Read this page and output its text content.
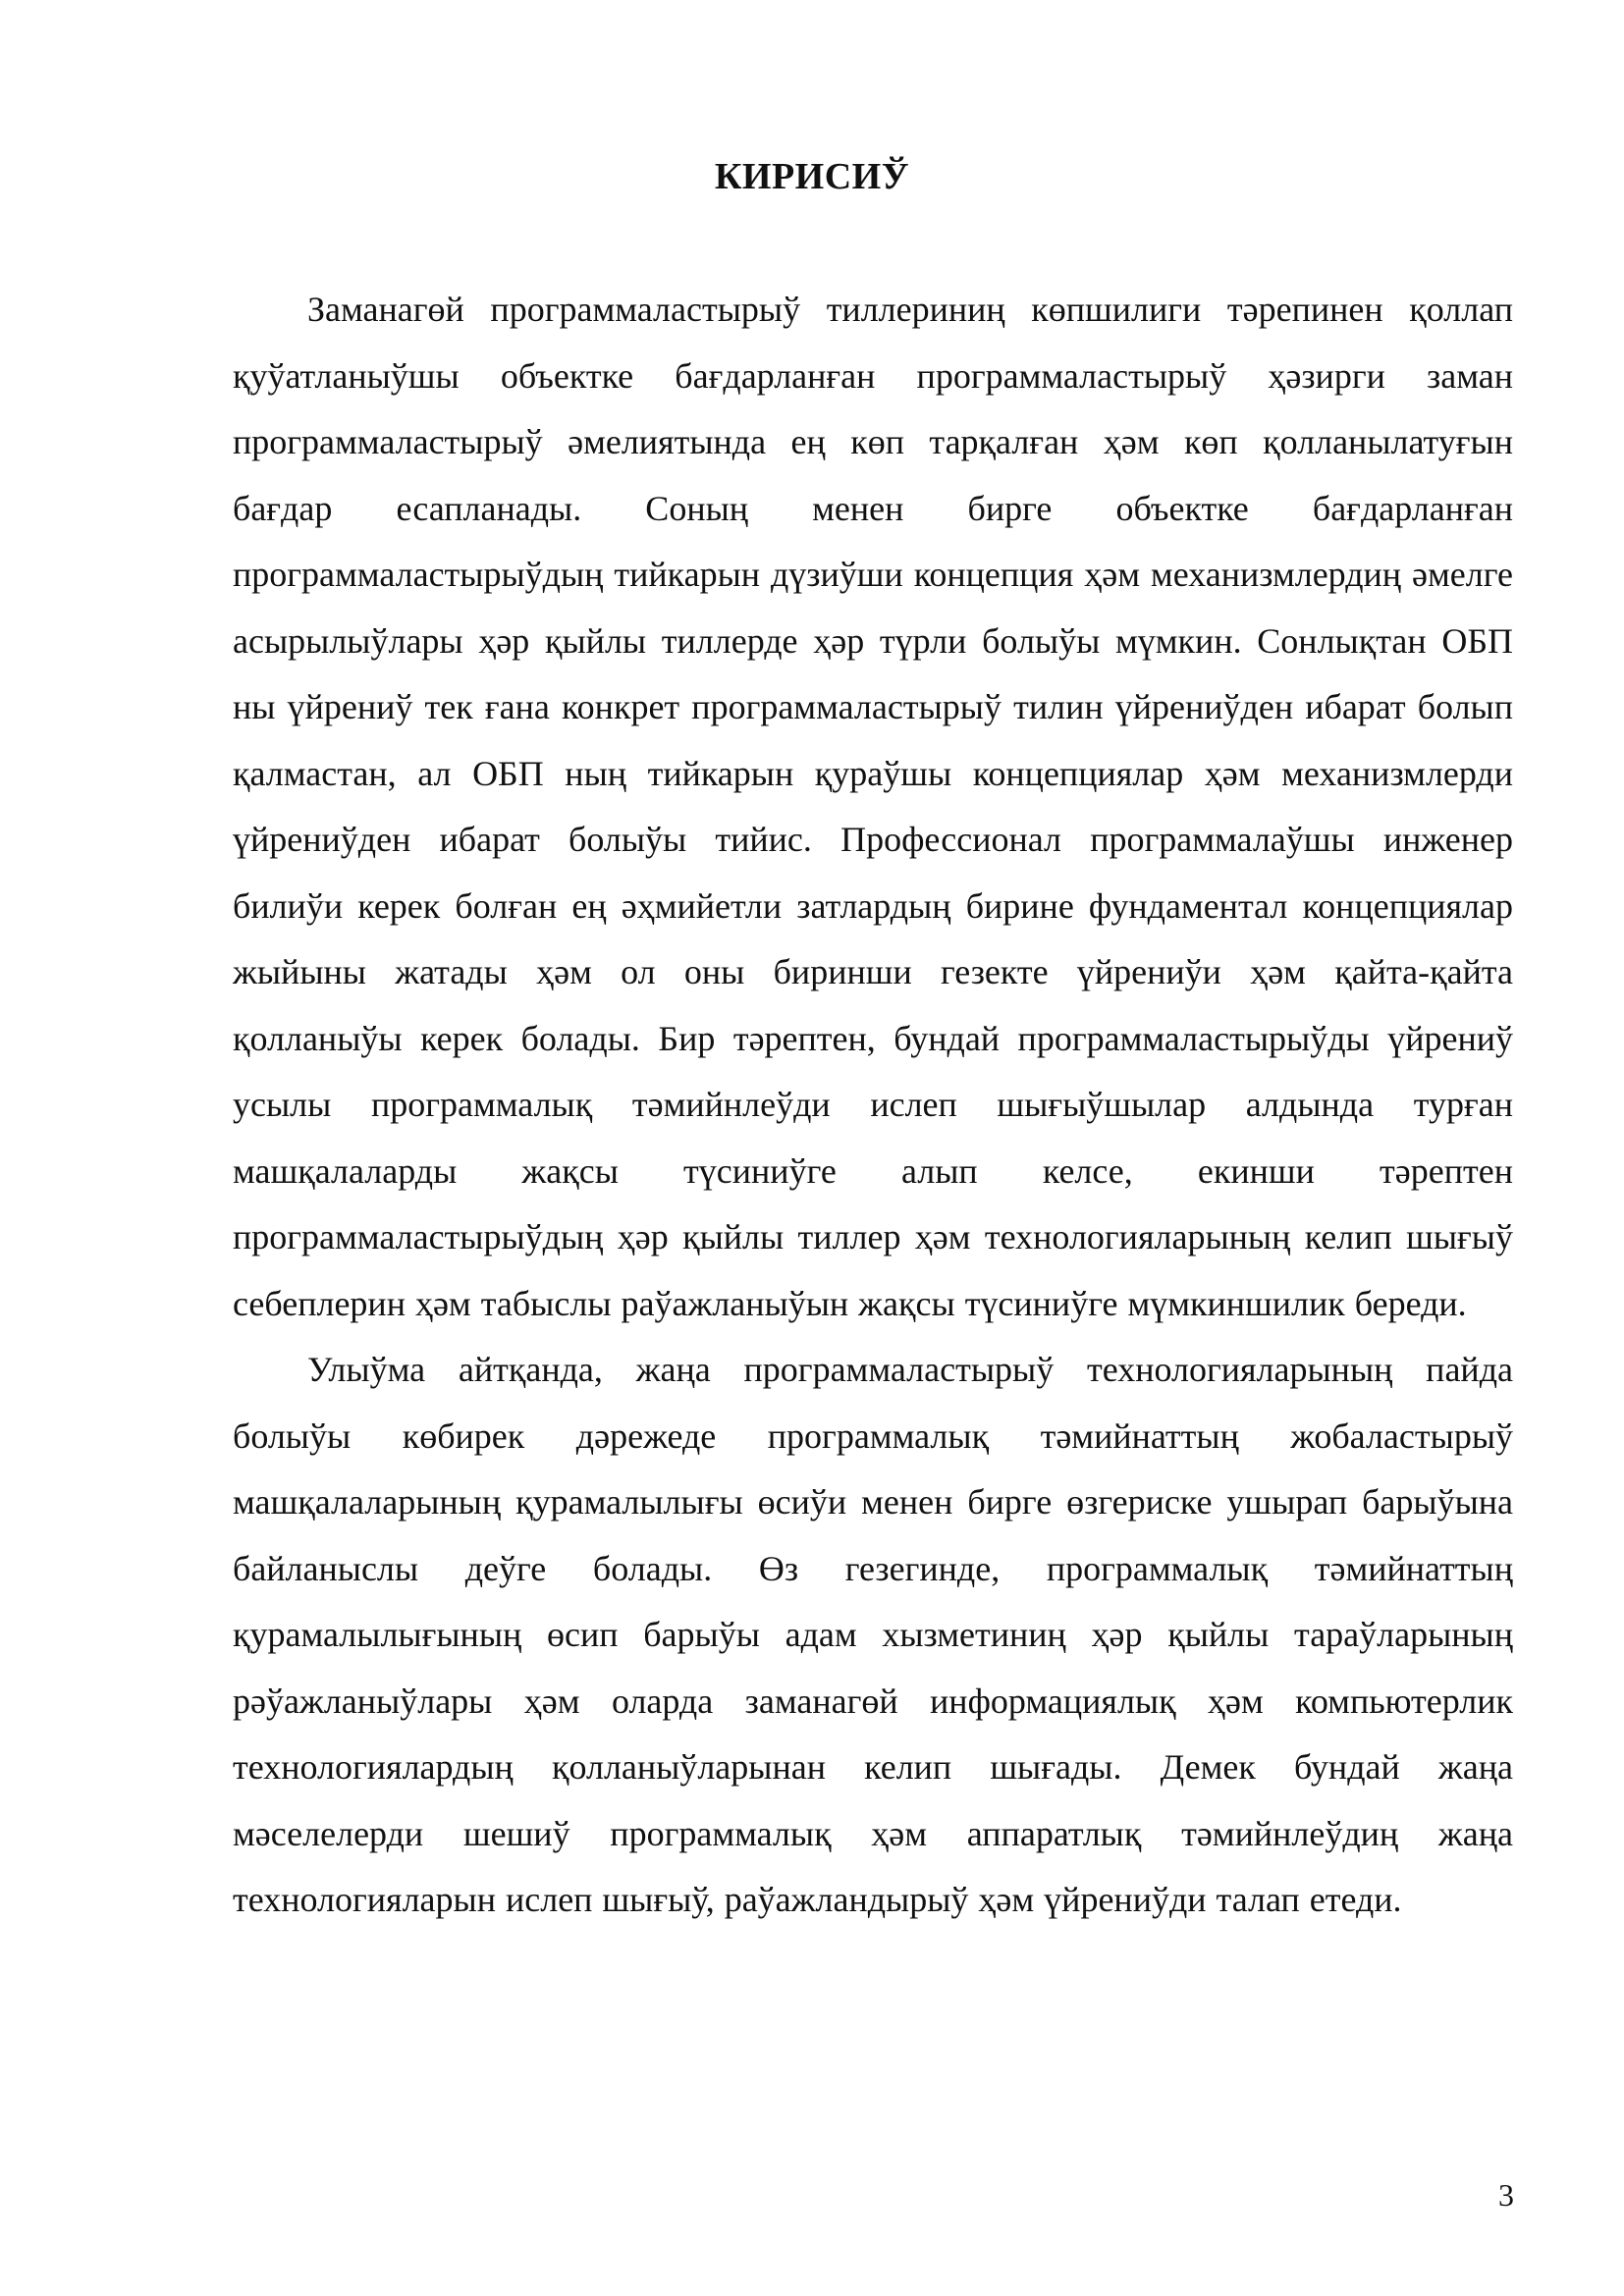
КИРИСИЎ

Заманагөй программаластырыў тиллериниң көпшилиги тәрепинен қоллап қуўатланыўшы объектке бағдарланған программаластырыў ҳәзирги заман программаластырыў әмелиятында ең көп тарқалған ҳәм көп қолланылатуғын бағдар есапланады. Соның менен бирге объектке бағдарланған программаластырыўдың тийкарын дүзиўши концепция ҳәм механизмлердиң әмелге асырылыўлары ҳәр қыйлы тиллерде ҳәр түрли болыўы мүмкин. Сонлықтан ОБП ны үйрениў тек ғана конкрет программаластырыў тилин үйрениўден ибарат болып қалмастан, ал ОБП ның тийкарын қураўшы концепциялар ҳәм механизмлерди үйрениўден ибарат болыўы тийис. Профессионал программалаўшы инженер билиўи керек болған ең әҳмийетли затлардың бирине фундаментал концепциялар жыйыны жатады ҳәм ол оны биринши гезекте үйрениўи ҳәм қайта-қайта қолланыўы керек болады. Бир тәрептен, бундай программаластырыўды үйрениў усылы программалық тәмийнлеўди ислеп шығыўшылар алдында турған машқалаларды жақсы түсиниўге алып келсе, екинши тәрептен программаластырыўдың ҳәр қыйлы тиллер ҳәм технологияларының келип шығыў себеплерин ҳәм табыслы раўажланыўын жақсы түсиниўге мүмкиншилик береди.

Улыўма айтқанда, жаңа программаластырыў технологияларының пайда болыўы көбирек дәрежеде программалық тәмийнаттың жобаластырыў машқалаларының қурамалылығы өсиўи менен бирге өзгериске ушырап барыўына байланыслы деўге болады. Өз гезегинде, программалық тәмийнаттың қурамалылығының өсип барыўы адам хызметиниң ҳәр қыйлы тараўларының рәўажланыўлары ҳәм оларда заманагөй информациялық ҳәм компьютерлик технологиялардың қолланыўларынан келип шығады. Демек бундай жаңа мәселелерди шешиў программалық ҳәм аппаратлық тәмийнлеўдиң жаңа технологияларын ислеп шығыў, раўажландырыў ҳәм үйрениўди талап етеди.

3
